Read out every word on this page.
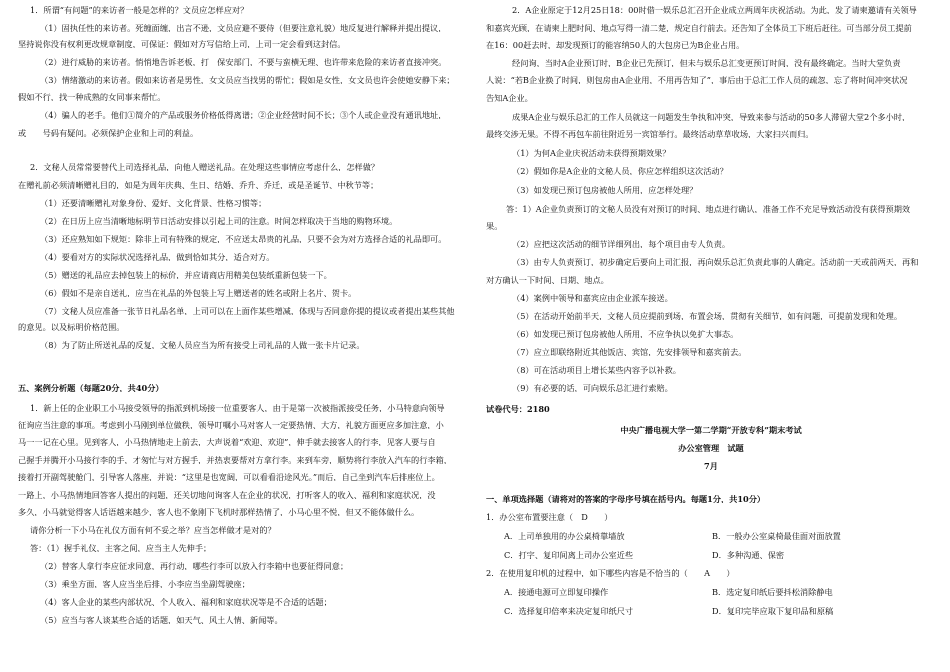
1．所谓“有问题”的来访者一般是怎样的？文员应怎样应对？
（1）固执任性的来访者。死缠面缠，出言不逊，文员应避不要侍（但要注意礼貌）地反复进行解释并提出提议，
坚持说你没有权利更改规章制度，可保证：假如对方写信给上司，上司一定会看到这封信。
（2）进行威胁的来访者。悄悄地告诉老板，打　保安部门，不要与蛮横无理、也许带来危险的来访者直接冲突。
（3）情绪激动的来访者。假如来访者是男性，女文员应当找男的帮忙；假如是女性，女文员也许会使她安静下来；
假如不行，找一种成熟的女同事来帮忙。
（4）骗人的老手。他们①简介的产品或服务价格低得离谱；②企业经营时间不长；③个人或企业没有通讯地址，
或　　号码有疑问。必须保护企业和上司的利益。
2．文秘人员常常要替代上司选择礼品，向他人赠送礼品。在处理这些事情应考虑什么，怎样做？
在赠礼前必须清晰赠礼目的，如是为周年庆典、生日、结婚、乔升、乔迁，或是圣诞节、中秋节等；
（1）还要清晰赠礼对象身份、爱好、文化背景、性格习惯等；
（2）在日历上应当清晰地标明节日活动安排以引起上司的注意。时间怎样取决于当地的购物环境。
（3）还应熟知如下规矩：除非上司有特殊的规定，不应送太昂贵的礼品，只要不会为对方选择合适的礼品即可。
（4）要看对方的实际状况选择礼品，做到恰如其分，适合对方。
（5）赠送的礼品应去掉包装上的标价，并应请商店用精美包装纸重新包装一下。
（6）假如不是亲自送礼，应当在礼品的外包装上写上赠送者的姓名或附上名片、贺卡。
（7）文秘人员应准备一张节日礼品名单，上司可以在上面作某些增减，体现与否同意你提的提议或者提出某些其他
的意见。以及标明价格范围。
（8）为了防止所送礼品的反复，文秘人员应当为所有接受上司礼品的人做一张卡片记录。
五、案例分析题（每题20分，共40分）
1．新上任的企业职工小马接受领导的指派到机场接一位重要客人，由于是第一次被指派接受任务，小马特意向领导
征询应当注意的事项。考虑到小马刚到单位做秩，领导叮嘱小马对客人一定要热情、大方，礼貌方面更应多加注意，小
马一一记在心里。见到客人，小马热情地走上前去，大声说着“欢迎、欢迎”，伸手就去接客人的行李，见客人要与自
己握手并腾开小马接行李的手，才匆忙与对方握手，并热衷要帮对方拿行李。来到车旁，顺势将行李放入汽车的行李箱，
接着打开副驾驶舱门，引导客人落座，并说：“这里是也宽阔，可以看看沿途风光。”而后，自己坐到汽车后排座位上。
一路上，小马热情地回答客人提出的问题，还关切地问询客人在企业的状况，打听客人的收入、福利和家庭状况，没
多久，小马就觉得客人话语越来越少，客人也不象刚下飞机时那样热情了，小马心里不悦，但又不能体做什么。
请你分析一下小马在礼仪方面有何不妥之举？应当怎样做才是对的？
答：（1）握手礼仪，主客之间，应当主人先伸手；
（2）替客人拿行李应征求同意，再行动，哪些行李可以放入行李箱中也要征得同意；
（3）乘坐方面，客人应当坐后排，小李应当坐副驾驶座；
（4）客人企业的某些内部状况、个人收入、福利和家庭状况等是不合适的话题；
（5）应当与客人谈某些合适的话题，如天气、风土人情、新闻等。
2．A企业原定于12月25日18：00时借一娱乐总汇召开企业成立两周年庆祝活动。为此，发了请柬邀请有关领导
和嘉宾光顾，在请柬上肥时间、地点写得一清二楚，规定自行前去。还告知了全体员工下班后赶往。可当部分员工提前
在16：00赶去时，却发现预订的能容纳50人的大包房已为B企业占用。
经问询，当时A企业预订时，B企业已先预订，但未与娱乐总汇变更预订时间，没有最终确定。当时大堂负责
人说：“若B企业换了时间，则包房由A企业用，不用再告知了”，事后由于总汇工作人员的疏忽，忘了将时间冲突状况
告知A企业。
成果A企业与娱乐总汇的工作人员就这一问题发生争执和冲突，导致来参与活动的50多人滞留大堂2个多小时，
最终交涉无果。不得不再包车前往附近另一宾馆举行。最终活动草草收场，大家扫兴而归。
（1）为何A企业庆祝活动未获得预期效果？
（2）假如你是A企业的文秘人员，你应怎样组织这次活动？
（3）如发现已预订包房被他人所用，应怎样处理？
答：1）A企业负责预订的文秘人员没有对预订的时间、地点进行确认，准备工作不充足导致活动没有获得预期效
果。
（2）应把这次活动的细节详细列出，每个项目由专人负责。
（3）由专人负责预订，初步确定后要向上司汇报，再向娱乐总汇负责此事的人确定。活动前一天或前两天，再和
对方确认一下时间、日期、地点。
（4）案例中领导和嘉宾应由企业派车接送。
（5）在活动开始前半天，文秘人员应提前到场，布置会场，贯彻有关细节，如有问题，可提前发现和处理。
（6）如发现已预订包房被他人所用，不应争执以免扩大事态。
（7）应立即联络附近其他饭店、宾馆，先安排领导和嘉宾前去。
（8）可在活动项目上增长某些内容予以补救。
（9）有必要的话，可向娱乐总汇进行索赔。
试卷代号：2180
中央广播电视大学一第二学期“开放专科”期末考试
办公室管理　试题
7月
一、单项选择题（请将对的答案的字母序号填在括号内。每题1分，共10分）
1．办公室布置要注意（　D　　）
A．上司单独用的办公桌椅靠墙放	B．一般办公室桌椅最佳面对面放置
C．打字、复印间离上司办公室近些	D．多种沟通、保密
2．在使用复印机的过程中，如下哪些内容是不恰当的（　　A　　）
A．接通电源可立即复印操作	B．选定复印纸后要抖松消除静电
C．选择复印倍率来决定复印纸尺寸	D．复印完毕应取下复印品和原稿
